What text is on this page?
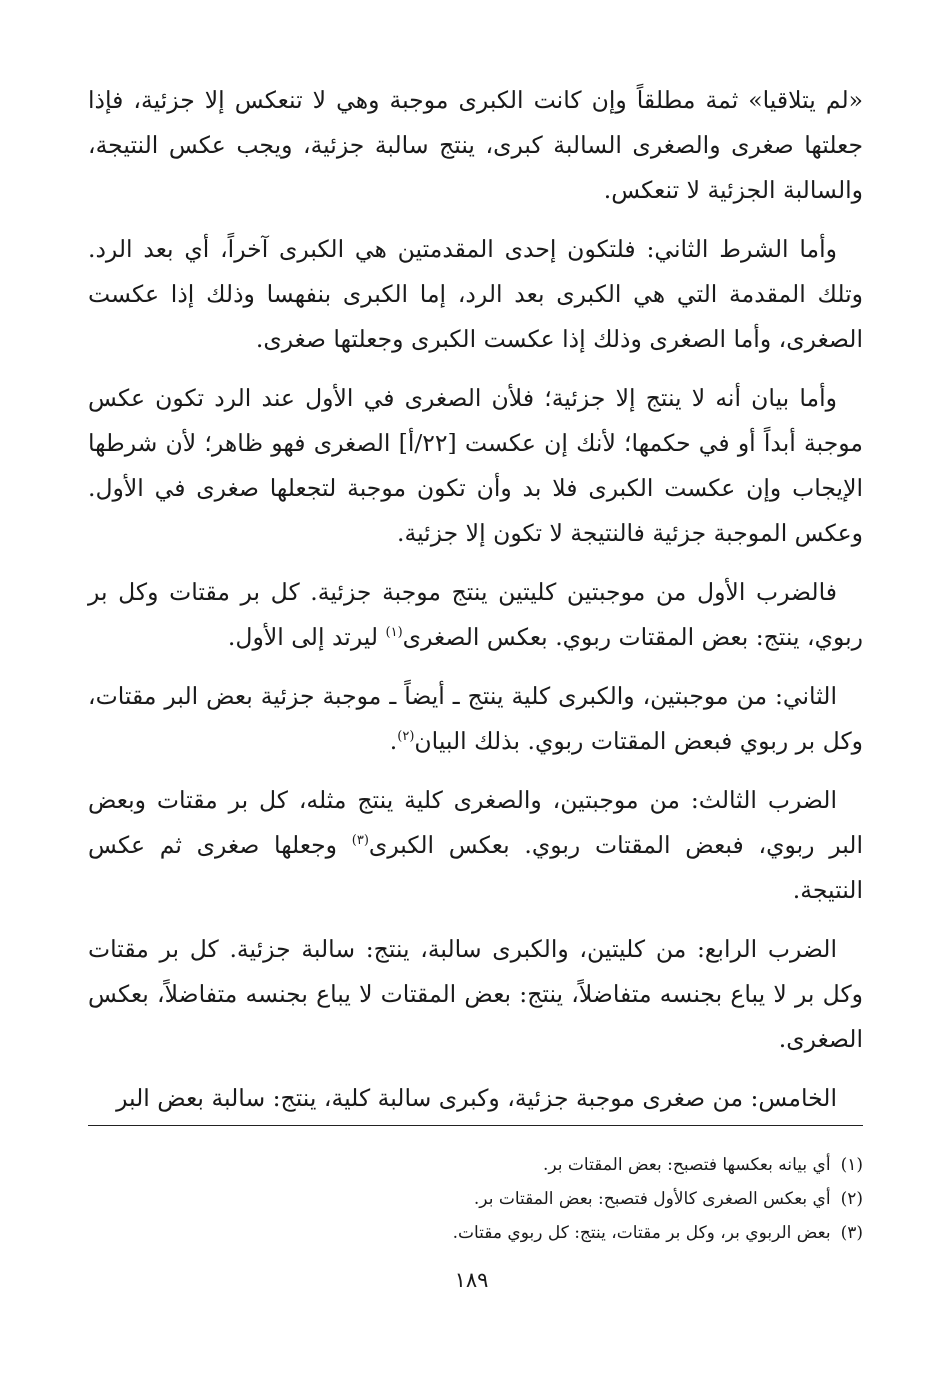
«لم يتلاقيا» ثمة مطلقاً وإن كانت الكبرى موجبة وهي لا تنعكس إلا جزئية، فإذا جعلتها صغرى والصغرى السالبة كبرى، ينتج سالبة جزئية، ويجب عكس النتيجة، والسالبة الجزئية لا تنعكس.

وأما الشرط الثاني: فلتكون إحدى المقدمتين هي الكبرى آخراً، أي بعد الرد. وتلك المقدمة التي هي الكبرى بعد الرد، إما الكبرى بنفهسا وذلك إذا عكست الصغرى، وأما الصغرى وذلك إذا عكست الكبرى وجعلتها صغرى.

وأما بيان أنه لا ينتج إلا جزئية؛ فلأن الصغرى في الأول عند الرد تكون عكس موجبة أبداً أو في حكمها؛ لأنك إن عكست [٢٢/أ] الصغرى فهو ظاهر؛ لأن شرطها الإيجاب وإن عكست الكبرى فلا بد وأن تكون موجبة لتجعلها صغرى في الأول. وعكس الموجبة جزئية فالنتيجة لا تكون إلا جزئية.

فالضرب الأول من موجبتين كليتين ينتج موجبة جزئية. كل بر مقتات وكل بر ربوي، ينتج: بعض المقتات ربوي. بعكس الصغرى$^{(١)}$ ليرتد إلى الأول.

الثاني: من موجبتين، والكبرى كلية ينتج ـ أيضاً ـ موجبة جزئية بعض البر مقتات، وكل بر ربوي فبعض المقتات ربوي. بذلك البيان$^{(٢)}$.

الضرب الثالث: من موجبتين، والصغرى كلية ينتج مثله، كل بر مقتات وبعض البر ربوي، فبعض المقتات ربوي. بعكس الكبرى$^{(٣)}$ وجعلها صغرى ثم عكس النتيجة.

الضرب الرابع: من كليتين، والكبرى سالبة، ينتج: سالبة جزئية. كل بر مقتات وكل بر لا يباع بجنسه متفاضلاً، ينتج: بعض المقتات لا يباع بجنسه متفاضلاً، بعكس الصغرى.

الخامس: من صغرى موجبة جزئية، وكبرى سالبة كلية، ينتج: سالبة بعض البر

(١)أي بيانه بعكسها فتصبح: بعض المقتات بر.

(٢)أي بعكس الصغرى كالأول فتصبح: بعض المقتات بر.

(٣)بعض الربوي بر، وكل بر مقتات، ينتج: كل ربوي مقتات.

١٨٩
